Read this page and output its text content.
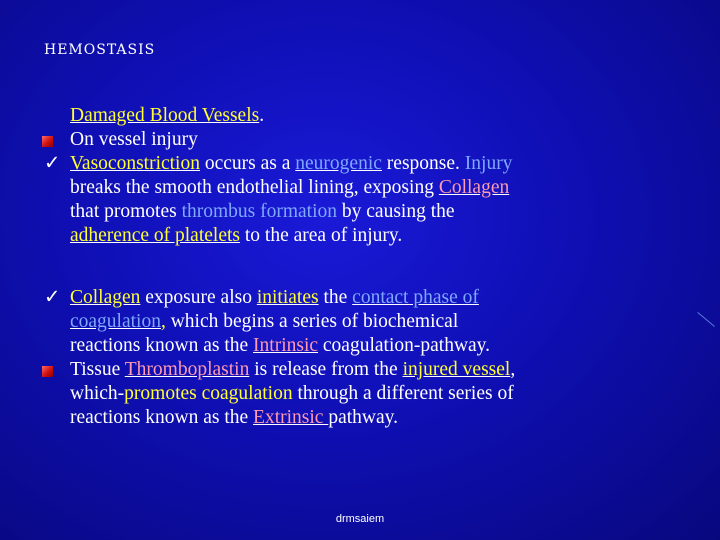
HEMOSTASIS
Damaged Blood Vessels.
On vessel injury
✓ Vasoconstriction occurs as a neurogenic response. Injury
breaks the smooth endothelial lining, exposing Collagen
that promotes thrombus formation by causing the
adherence of platelets to the area of injury.
✓ Collagen exposure also initiates the contact phase of
coagulation, which begins a series of biochemical
reactions known as the Intrinsic coagulation-pathway.
Tissue Thromboplastin is release from the injured vessel,
which-promotes coagulation through a different series of
reactions known as the Extrinsic pathway.
drmsaiem
